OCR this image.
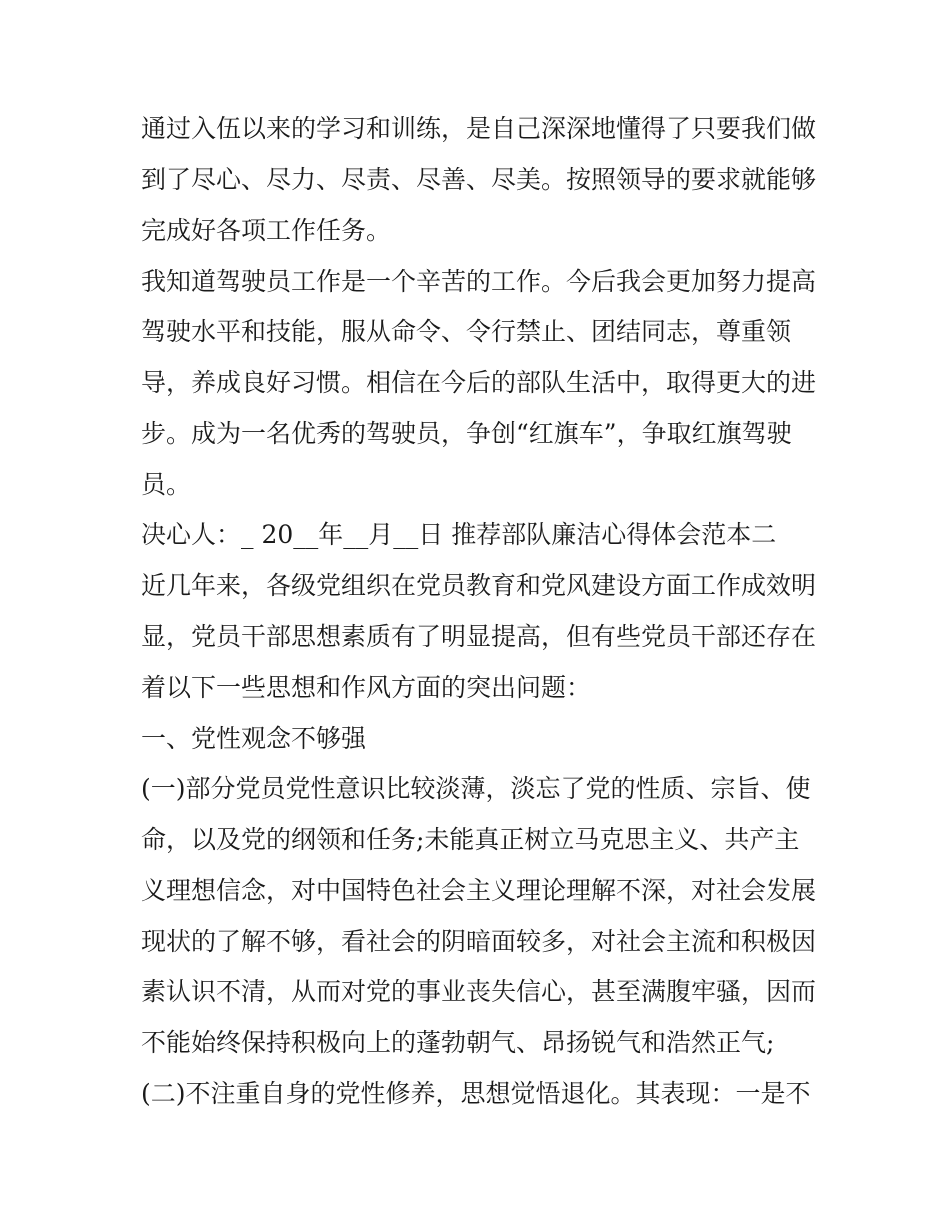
通过入伍以来的学习和训练，是自己深深地懂得了只要我们做
到了尽心、尽力、尽责、尽善、尽美。按照领导的要求就能够
完成好各项工作任务。
我知道驾驶员工作是一个辛苦的工作。今后我会更加努力提高
驾驶水平和技能，服从命令、令行禁止、团结同志，尊重领
导，养成良好习惯。相信在今后的部队生活中，取得更大的进
步。成为一名优秀的驾驶员，争创“红旗车”，争取红旗驾驶
员。
决心人：_ 20__年__月__日 推荐部队廉洁心得体会范本二
近几年来，各级党组织在党员教育和党风建设方面工作成效明
显，党员干部思想素质有了明显提高，但有些党员干部还存在
着以下一些思想和作风方面的突出问题：
一、党性观念不够强
(一)部分党员党性意识比较淡薄，淡忘了党的性质、宗旨、使
命，以及党的纲领和任务;未能真正树立马克思主义、共产主
义理想信念，对中国特色社会主义理论理解不深，对社会发展
现状的了解不够，看社会的阴暗面较多，对社会主流和积极因
素认识不清，从而对党的事业丧失信心，甚至满腹牢骚，因而
不能始终保持积极向上的蓬勃朝气、昂扬锐气和浩然正气;
(二)不注重自身的党性修养，思想觉悟退化。其表现：一是不
